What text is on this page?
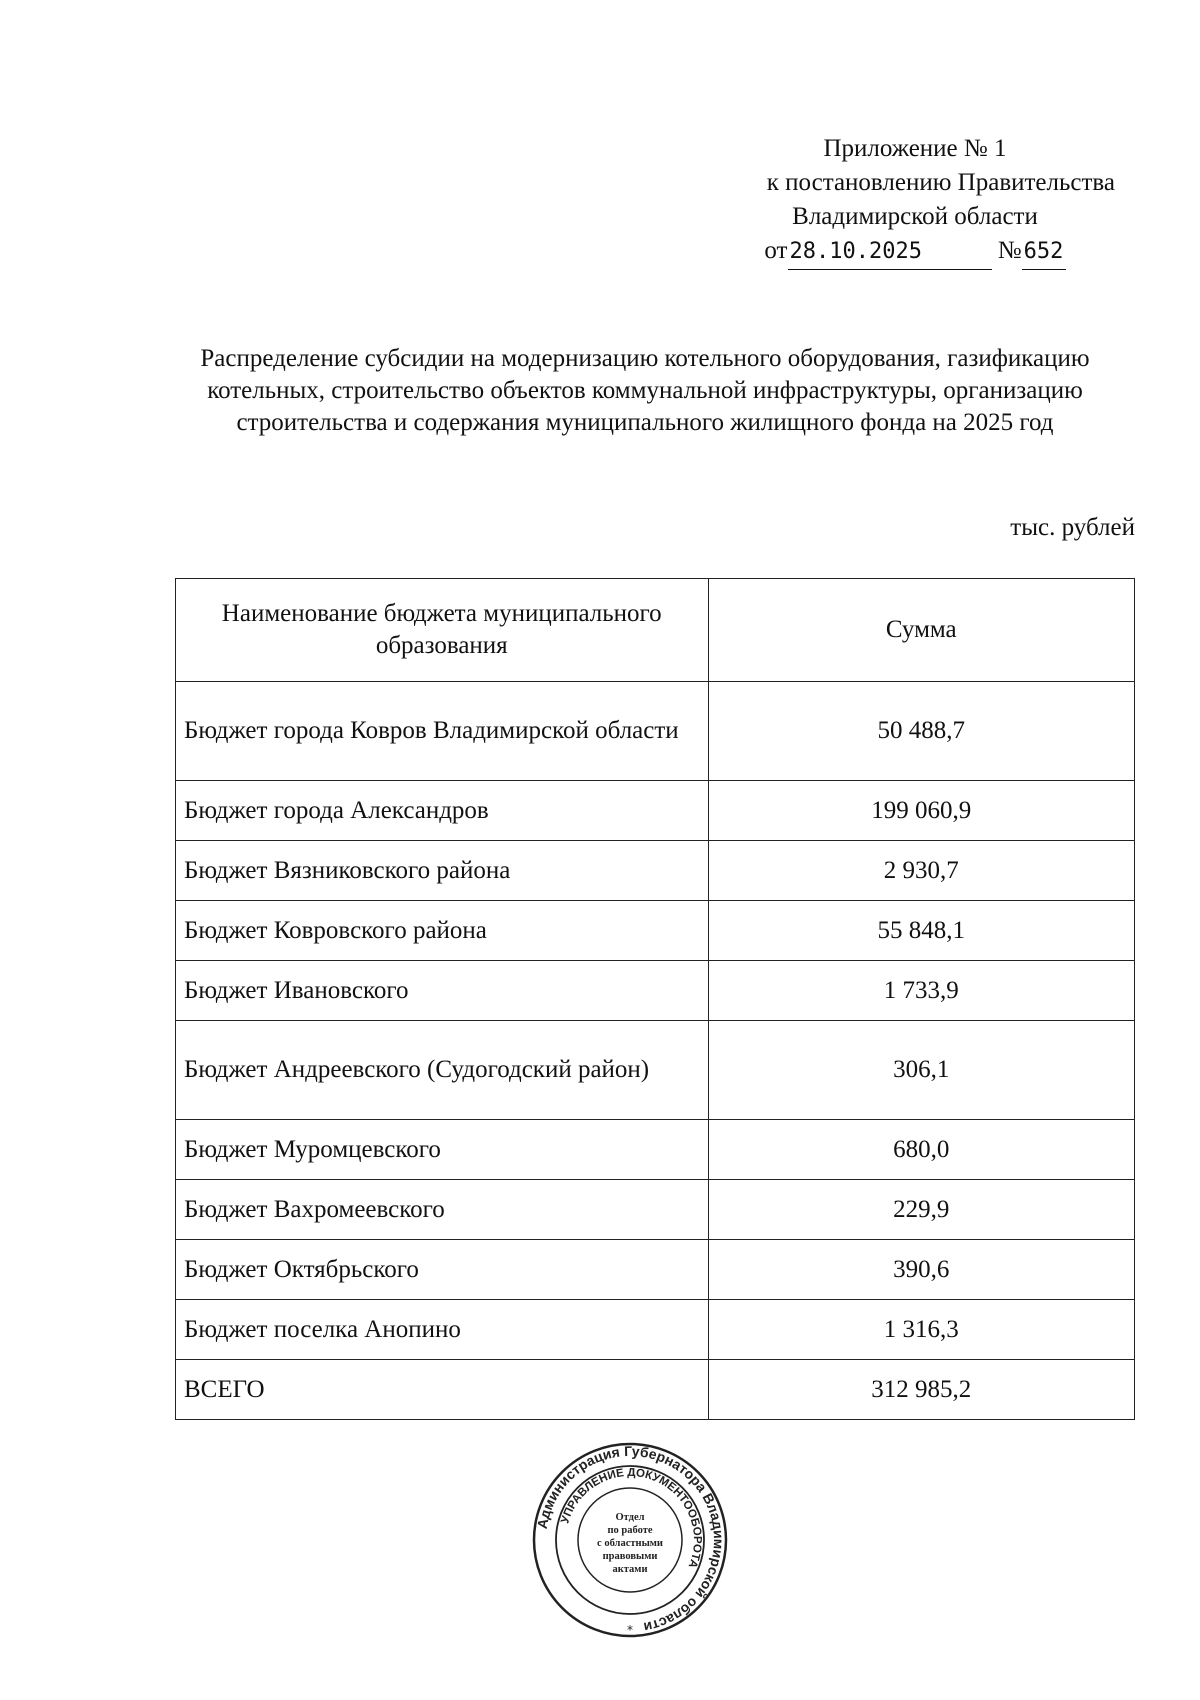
Приложение № 1
к постановлению Правительства
Владимирской области
от28.10.2025	№652
Распределение субсидии на модернизацию котельного оборудования, газификацию котельных, строительство объектов коммунальной инфраструктуры, организацию строительства и содержания муниципального жилищного фонда на 2025 год
тыс. рублей
Наименование бюджета муниципального образования	Сумма
Бюджет города Ковров Владимирской области	50 488,7
Бюджет города Александров	199 060,9
Бюджет Вязниковского района	2 930,7
Бюджет Ковровского района	55 848,1
Бюджет Ивановского	1 733,9
Бюджет Андреевского (Судогодский район)	306,1
Бюджет Муромцевского	680,0
Бюджет Вахромеевского	229,9
Бюджет Октябрьского	390,6
Бюджет поселка Анопино	1 316,3
ВСЕГО	312 985,2
Администрация Губернатора Владимирской области
УПРАВЛЕНИЕ ДОКУМЕНТООБОРОТА
Отдел
по работе
с областными
правовыми
актами
*
